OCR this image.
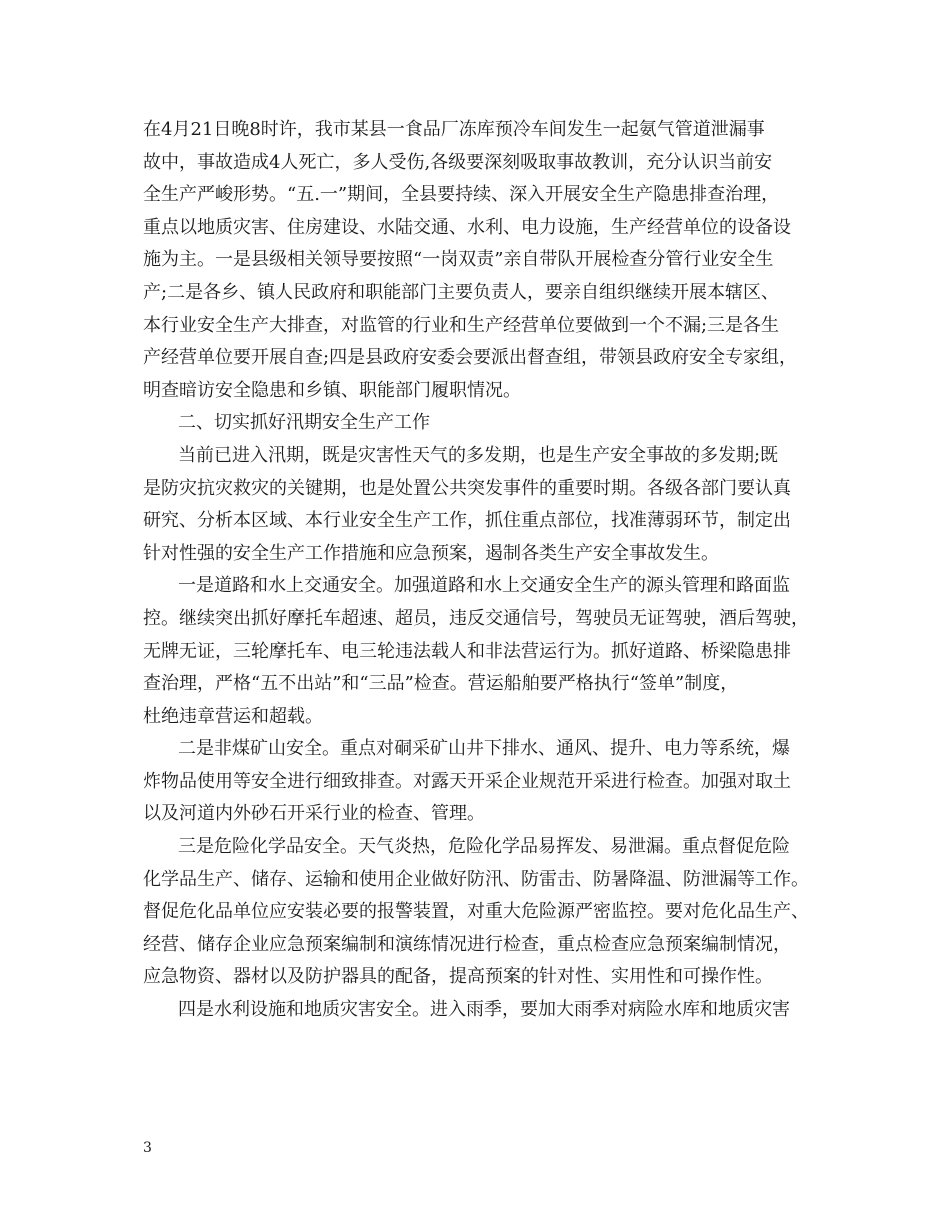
在4月21日晚8时许，我市某县一食品厂冻库预冷车间发生一起氨气管道泄漏事
故中，事故造成4人死亡，多人受伤,各级要深刻吸取事故教训，充分认识当前安
全生产严峻形势。“五.一”期间，全县要持续、深入开展安全生产隐患排查治理，
重点以地质灾害、住房建设、水陆交通、水利、电力设施，生产经营单位的设备设
施为主。一是县级相关领导要按照“一岗双责”亲自带队开展检查分管行业安全生
产;二是各乡、镇人民政府和职能部门主要负责人，要亲自组织继续开展本辖区、
本行业安全生产大排查，对监管的行业和生产经营单位要做到一个不漏;三是各生
产经营单位要开展自查;四是县政府安委会要派出督查组，带领县政府安全专家组，
明查暗访安全隐患和乡镇、职能部门履职情况。

二、切实抓好汛期安全生产工作

当前已进入汛期，既是灾害性天气的多发期，也是生产安全事故的多发期;既
是防灾抗灾救灾的关键期，也是处置公共突发事件的重要时期。各级各部门要认真
研究、分析本区域、本行业安全生产工作，抓住重点部位，找准薄弱环节，制定出
针对性强的安全生产工作措施和应急预案，遏制各类生产安全事故发生。

一是道路和水上交通安全。加强道路和水上交通安全生产的源头管理和路面监
控。继续突出抓好摩托车超速、超员，违反交通信号，驾驶员无证驾驶，酒后驾驶，
无牌无证，三轮摩托车、电三轮违法载人和非法营运行为。抓好道路、桥梁隐患排
查治理，严格“五不出站”和“三品”检查。营运船舶要严格执行“签单”制度，
杜绝违章营运和超载。

二是非煤矿山安全。重点对硐采矿山井下排水、通风、提升、电力等系统，爆
炸物品使用等安全进行细致排查。对露天开采企业规范开采进行检查。加强对取土
以及河道内外砂石开采行业的检查、管理。

三是危险化学品安全。天气炎热，危险化学品易挥发、易泄漏。重点督促危险
化学品生产、储存、运输和使用企业做好防汛、防雷击、防暑降温、防泄漏等工作。
督促危化品单位应安装必要的报警装置，对重大危险源严密监控。要对危化品生产、
经营、储存企业应急预案编制和演练情况进行检查，重点检查应急预案编制情况，
应急物资、器材以及防护器具的配备，提高预案的针对性、实用性和可操作性。

四是水利设施和地质灾害安全。进入雨季，要加大雨季对病险水库和地质灾害

3
